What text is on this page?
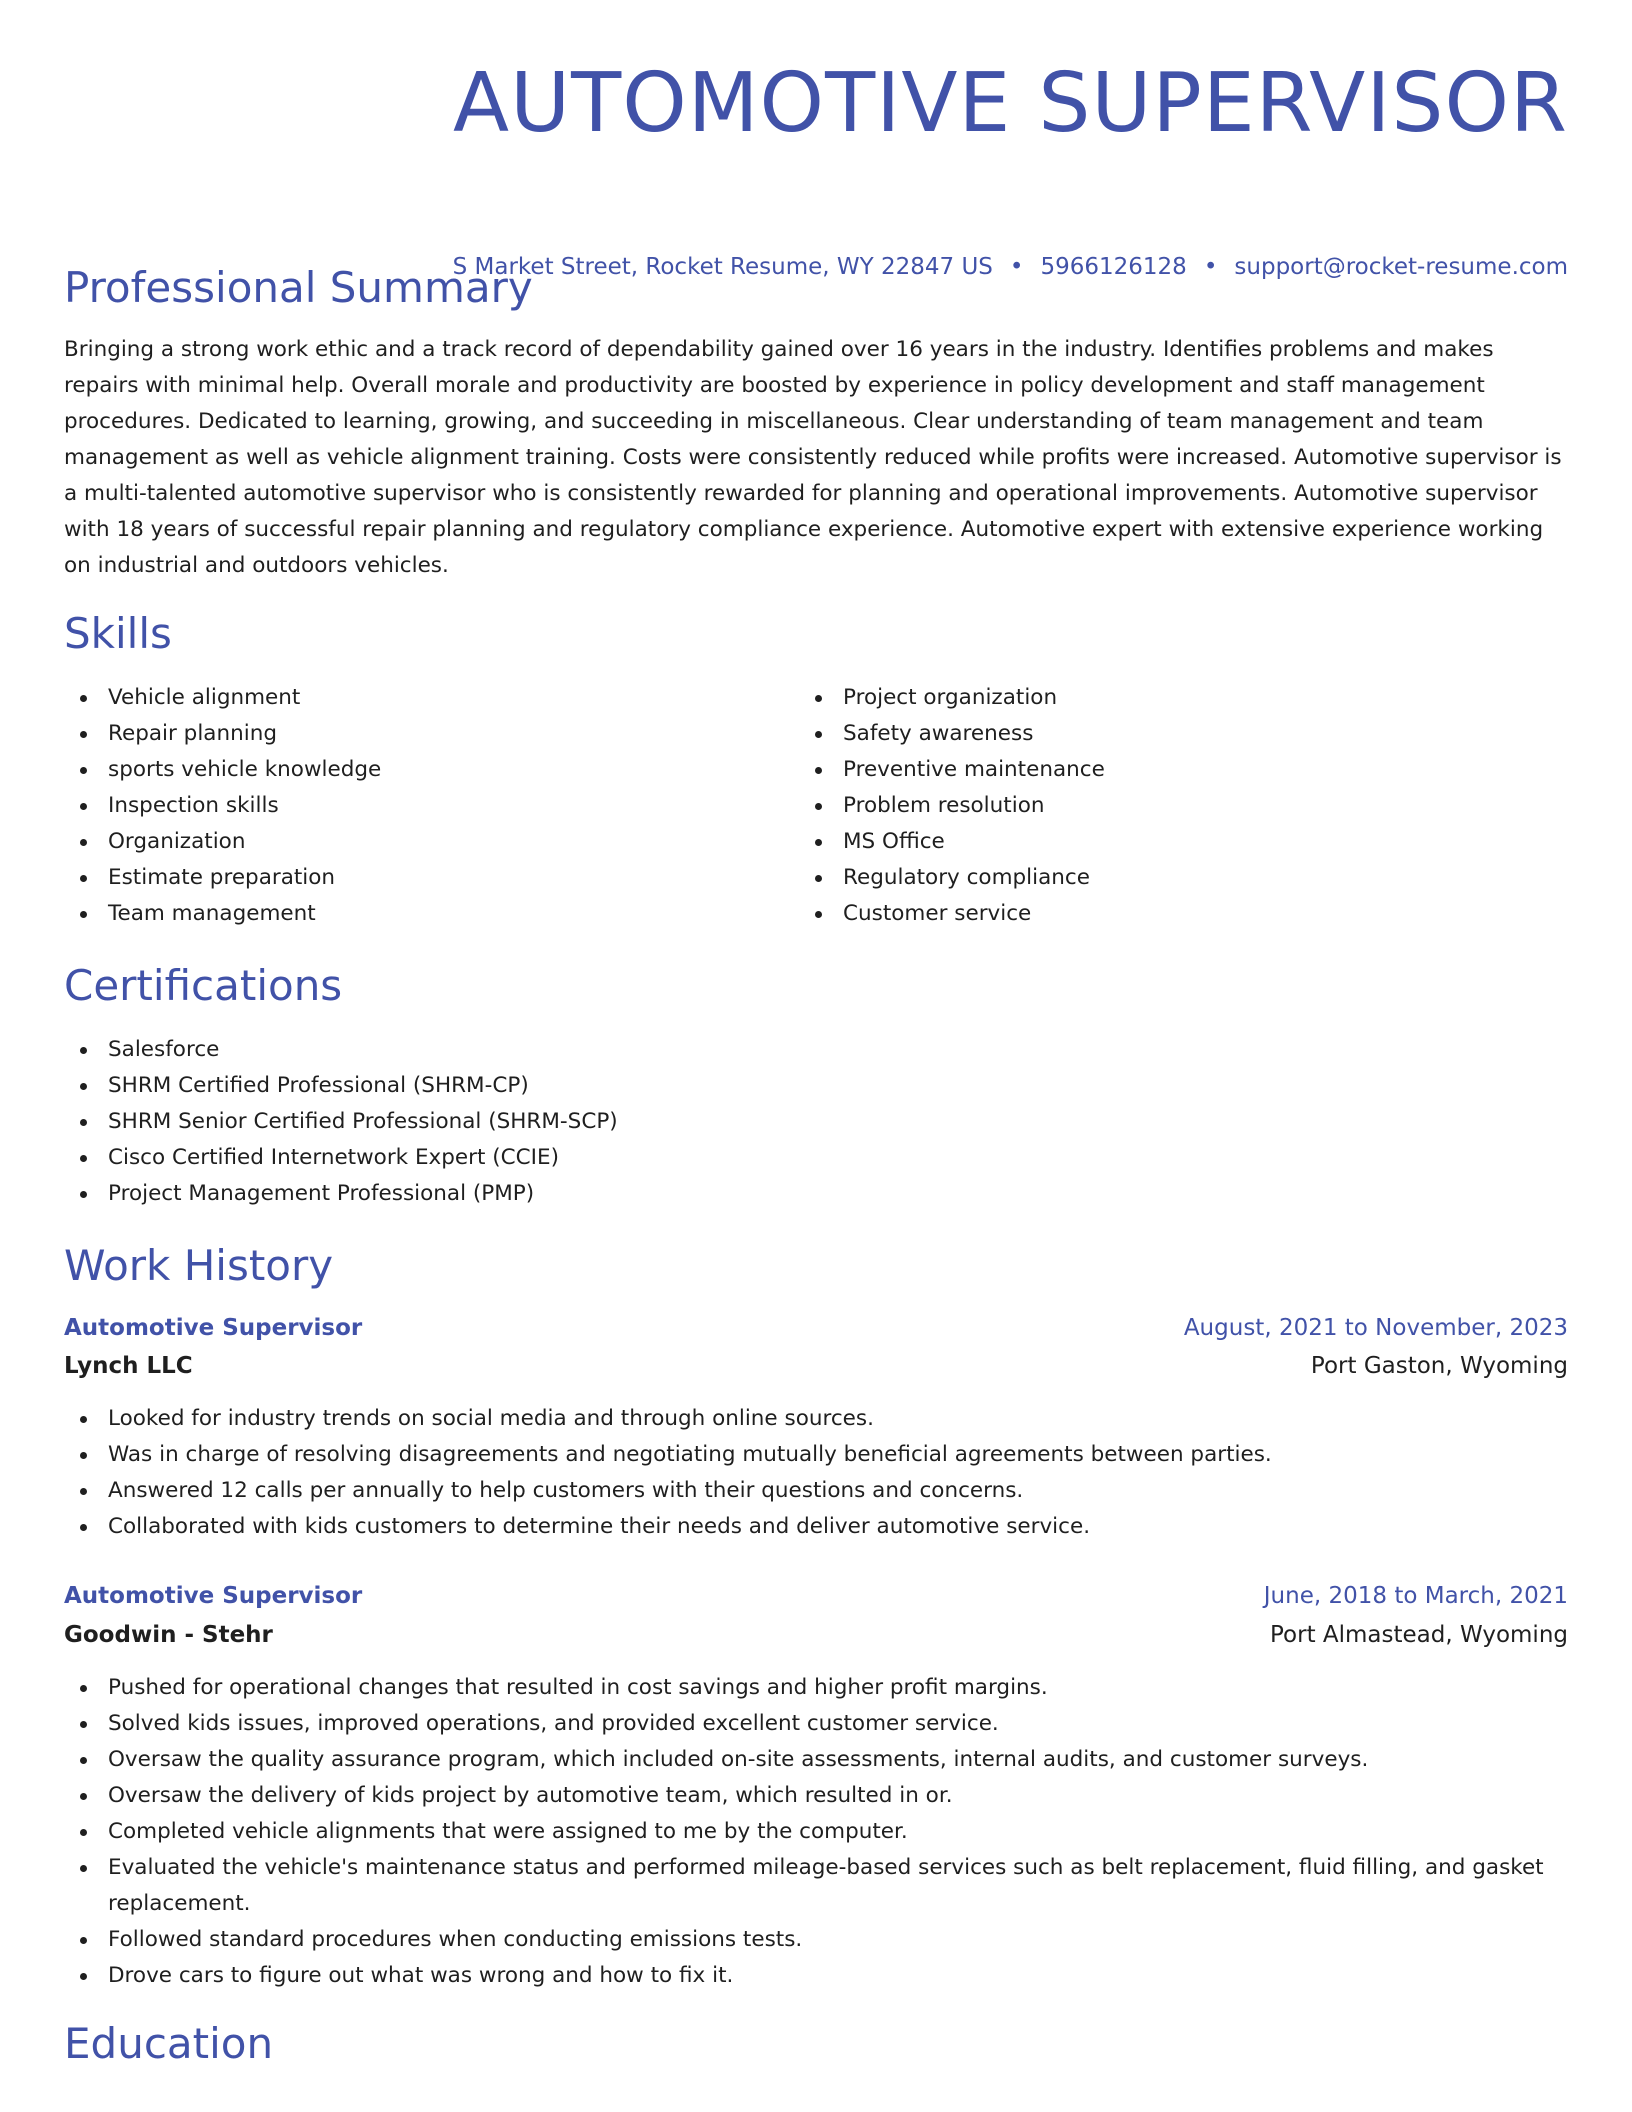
AUTOMOTIVE SUPERVISOR
S Market Street, Rocket Resume, WY 22847 US • 5966126128 • support@rocket-resume.com
Professional Summary

Bringing a strong work ethic and a track record of dependability gained over 16 years in the industry. Identifies problems and makes repairs with minimal help. Overall morale and productivity are boosted by experience in policy development and staff management procedures. Dedicated to learning, growing, and succeeding in miscellaneous. Clear understanding of team management and team management as well as vehicle alignment training. Costs were consistently reduced while profits were increased. Automotive supervisor is a multi-talented automotive supervisor who is consistently rewarded for planning and operational improvements. Automotive supervisor with 18 years of successful repair planning and regulatory compliance experience. Automotive expert with extensive experience working on industrial and outdoors vehicles.

Skills
Vehicle alignment
Repair planning
sports vehicle knowledge
Inspection skills
Organization
Estimate preparation
Team management
Project organization
Safety awareness
Preventive maintenance
Problem resolution
MS Office
Regulatory compliance
Customer service
Certifications
Salesforce
SHRM Certified Professional (SHRM-CP)
SHRM Senior Certified Professional (SHRM-SCP)
Cisco Certified Internetwork Expert (CCIE)
Project Management Professional (PMP)
Work History
Automotive Supervisor	August, 2021 to November, 2023
Lynch LLC	Port Gaston, Wyoming
Looked for industry trends on social media and through online sources.
Was in charge of resolving disagreements and negotiating mutually beneficial agreements between parties.
Answered 12 calls per annually to help customers with their questions and concerns.
Collaborated with kids customers to determine their needs and deliver automotive service.
Automotive Supervisor	June, 2018 to March, 2021
Goodwin - Stehr	Port Almastead, Wyoming
Pushed for operational changes that resulted in cost savings and higher profit margins.
Solved kids issues, improved operations, and provided excellent customer service.
Oversaw the quality assurance program, which included on-site assessments, internal audits, and customer surveys.
Oversaw the delivery of kids project by automotive team, which resulted in or.
Completed vehicle alignments that were assigned to me by the computer.
Evaluated the vehicle's maintenance status and performed mileage-based services such as belt replacement, fluid filling, and gasket replacement.
Followed standard procedures when conducting emissions tests.
Drove cars to figure out what was wrong and how to fix it.
Education
